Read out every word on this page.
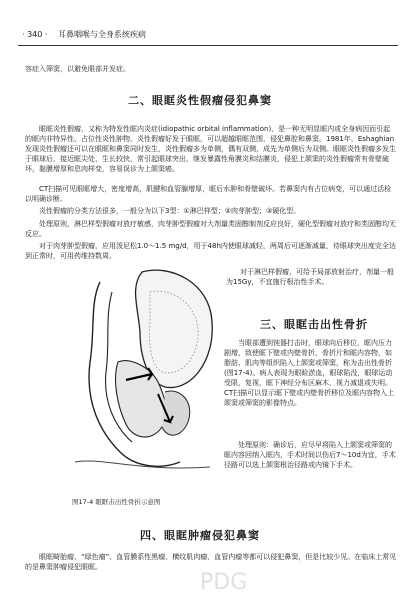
· 340 · 耳鼻咽喉与全身系统疾病
容症入筛窦，以避免眼部并发症。
二、眼眶炎性假瘤侵犯鼻窦
眼眶炎性假瘤，又称为特发性眶内炎症(idiopathic orbital inflammation)，是一种无明显眶内或全身病因而引起的眶内非特异性、占位性炎性肿物。炎性假瘤好发于眼眶，可以超越眼眶范围，侵犯鼻腔和鼻窦。1981年，Eshaghian发现炎性假瘤还可以在眼眶和鼻窦同时发生，炎性假瘤多为单侧，偶有双侧，成先为单侧后为双侧。眼眶炎性假瘤多发生于眼球后，接近眶尖处，生长较快，常引起眼球突出，继发暴露性角膜炎和结膜炎，侵犯上颌窦的炎性假瘤常有骨壁破坏，黏膜增厚和息肉样变，容易误诊为上颌窦癌。
CT扫描可见眼眶增大，密度增高，肌腱和血管腺增厚，眶后水肿和骨壁破坏。若鼻窦内有占位病变，可以通过活检以明确诊断。
炎性假瘤的分类方法很多，一般分为以下3型：①淋巴样型；②肉芽肿型；③硬化型。
处理原则，淋巴样型假瘤对放疗敏感，肉芽肿型假瘤对大剂量类固醇制剂反应良好，硬化型假瘤对放疗和类固醇均无反应。
对于肉芽肿型假瘤，应用泼尼松1.0～1.5 mg/d，用于48h内使眼球减轻，两周后可逐渐减量，待眼球突出度完全达到正常时，可用药维持数周。
对于淋巴样假瘤，可给予局部放射治疗，剂量一般为15Gy，不宜施行根治性手术。
三、眼眶击出性骨折
当眼部遭到钝器打击时，眼球向后移位，眶内压力剧增，致使眶下壁或内壁骨折，骨折片和眶内容物，如脂肪、肌肉等组织陷入上颌窦或筛窦，称为击出性骨折(图17-4)。病人表现为眼睑淤血，眼球陷没，眼球运动受限，复视，眶下神经分布区麻木，视力减退或失明。CT扫描可以显示眶下壁或内壁骨折移位及眶内容物入上颌窦或筛窦的影像特点。
处理原则：确诊后，应尽早将陷入上颌窦或筛窦的眶内容回纳入眶内，手术时间以伤后7～10d为宜，手术径路可以选上颌窦根治径路或内镜下手术。
图17-4 眼眶击出性骨折示意图
四、眼眶肿瘤侵犯鼻窦
眼眶畸胎瘤、“绿色瘤”、血管膜系性黑瘤、横纹肌肉瘤、血管内瘤等都可以侵犯鼻窦，但是比较少见。在临床上常见的是鼻窦肿瘤侵犯眼眶。
PDG
